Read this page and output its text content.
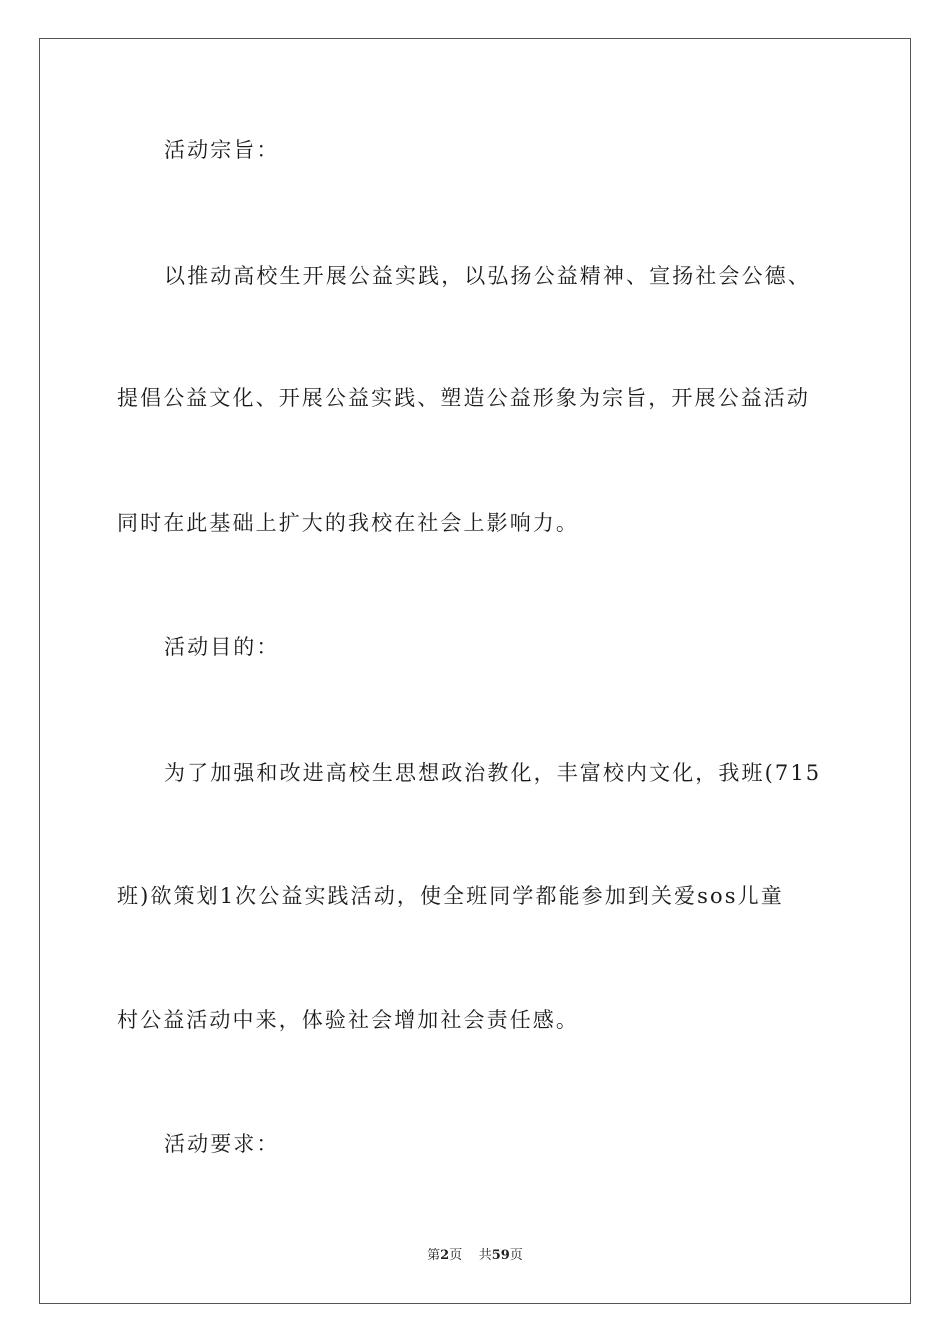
活动宗旨：
以推动高校生开展公益实践，以弘扬公益精神、宣扬社会公德、
提倡公益文化、开展公益实践、塑造公益形象为宗旨，开展公益活动
同时在此基础上扩大的我校在社会上影响力。
活动目的：
为了加强和改进高校生思想政治教化，丰富校内文化，我班(715
班)欲策划1次公益实践活动，使全班同学都能参加到关爱sos儿童
村公益活动中来，体验社会增加社会责任感。
活动要求：
第2页 共59页
